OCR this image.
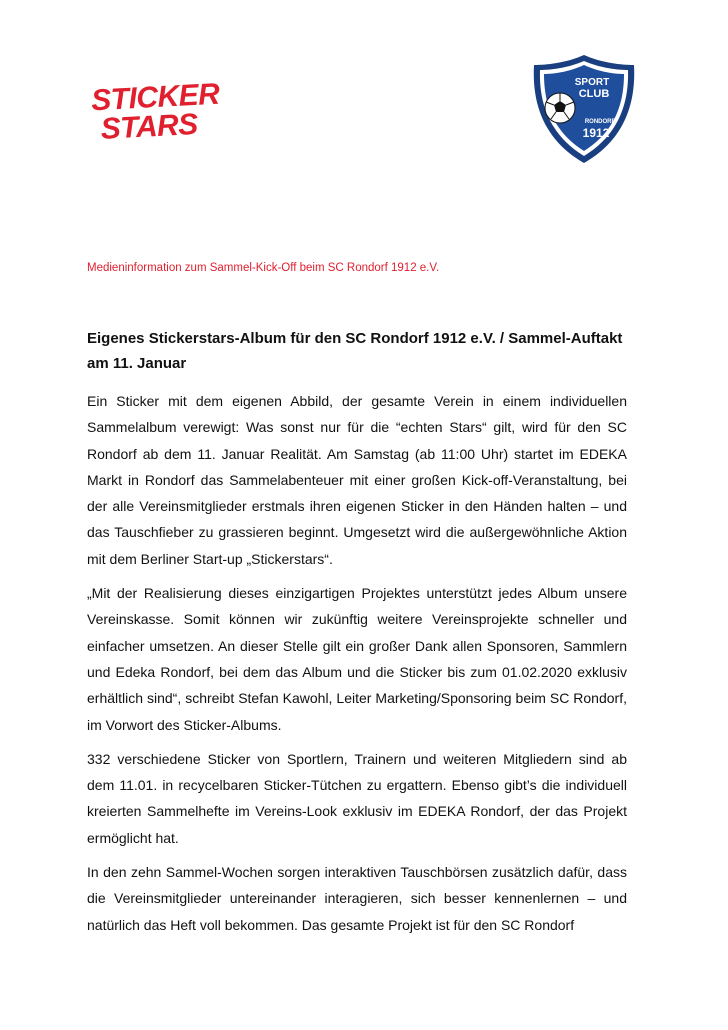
STICKER
STARS
SPORT
CLUB
RONDORF
1912
Medieninformation zum Sammel-Kick-Off beim SC Rondorf 1912 e.V.
Eigenes Stickerstars-Album für den SC Rondorf 1912 e.V. / Sammel-Auftakt am 11. Januar

Ein Sticker mit dem eigenen Abbild, der gesamte Verein in einem individuellen Sammelalbum verewigt: Was sonst nur für die “echten Stars“ gilt, wird für den SC Rondorf ab dem 11. Januar Realität. Am Samstag (ab 11:00 Uhr) startet im EDEKA Markt in Rondorf das Sammelabenteuer mit einer großen Kick-off-Veranstaltung, bei der alle Vereinsmitglieder erstmals ihren eigenen Sticker in den Händen halten – und das Tauschfieber zu grassieren beginnt. Umgesetzt wird die außergewöhnliche Aktion mit dem Berliner Start-up „Stickerstars“.

„Mit der Realisierung dieses einzigartigen Projektes unterstützt jedes Album unsere Vereinskasse. Somit können wir zukünftig weitere Vereinsprojekte schneller und einfacher umsetzen. An dieser Stelle gilt ein großer Dank allen Sponsoren, Sammlern und Edeka Rondorf, bei dem das Album und die Sticker bis zum 01.02.2020 exklusiv erhältlich sind“, schreibt Stefan Kawohl, Leiter Marketing/Sponsoring beim SC Rondorf, im Vorwort des Sticker-Albums.

332 verschiedene Sticker von Sportlern, Trainern und weiteren Mitgliedern sind ab dem 11.01. in recycelbaren Sticker-Tütchen zu ergattern. Ebenso gibt’s die individuell kreierten Sammelhefte im Vereins-Look exklusiv im EDEKA Rondorf, der das Projekt ermöglicht hat.

In den zehn Sammel-Wochen sorgen interaktiven Tauschbörsen zusätzlich dafür, dass die Vereinsmitglieder untereinander interagieren, sich besser kennenlernen – und natürlich das Heft voll bekommen. Das gesamte Projekt ist für den SC Rondorf
